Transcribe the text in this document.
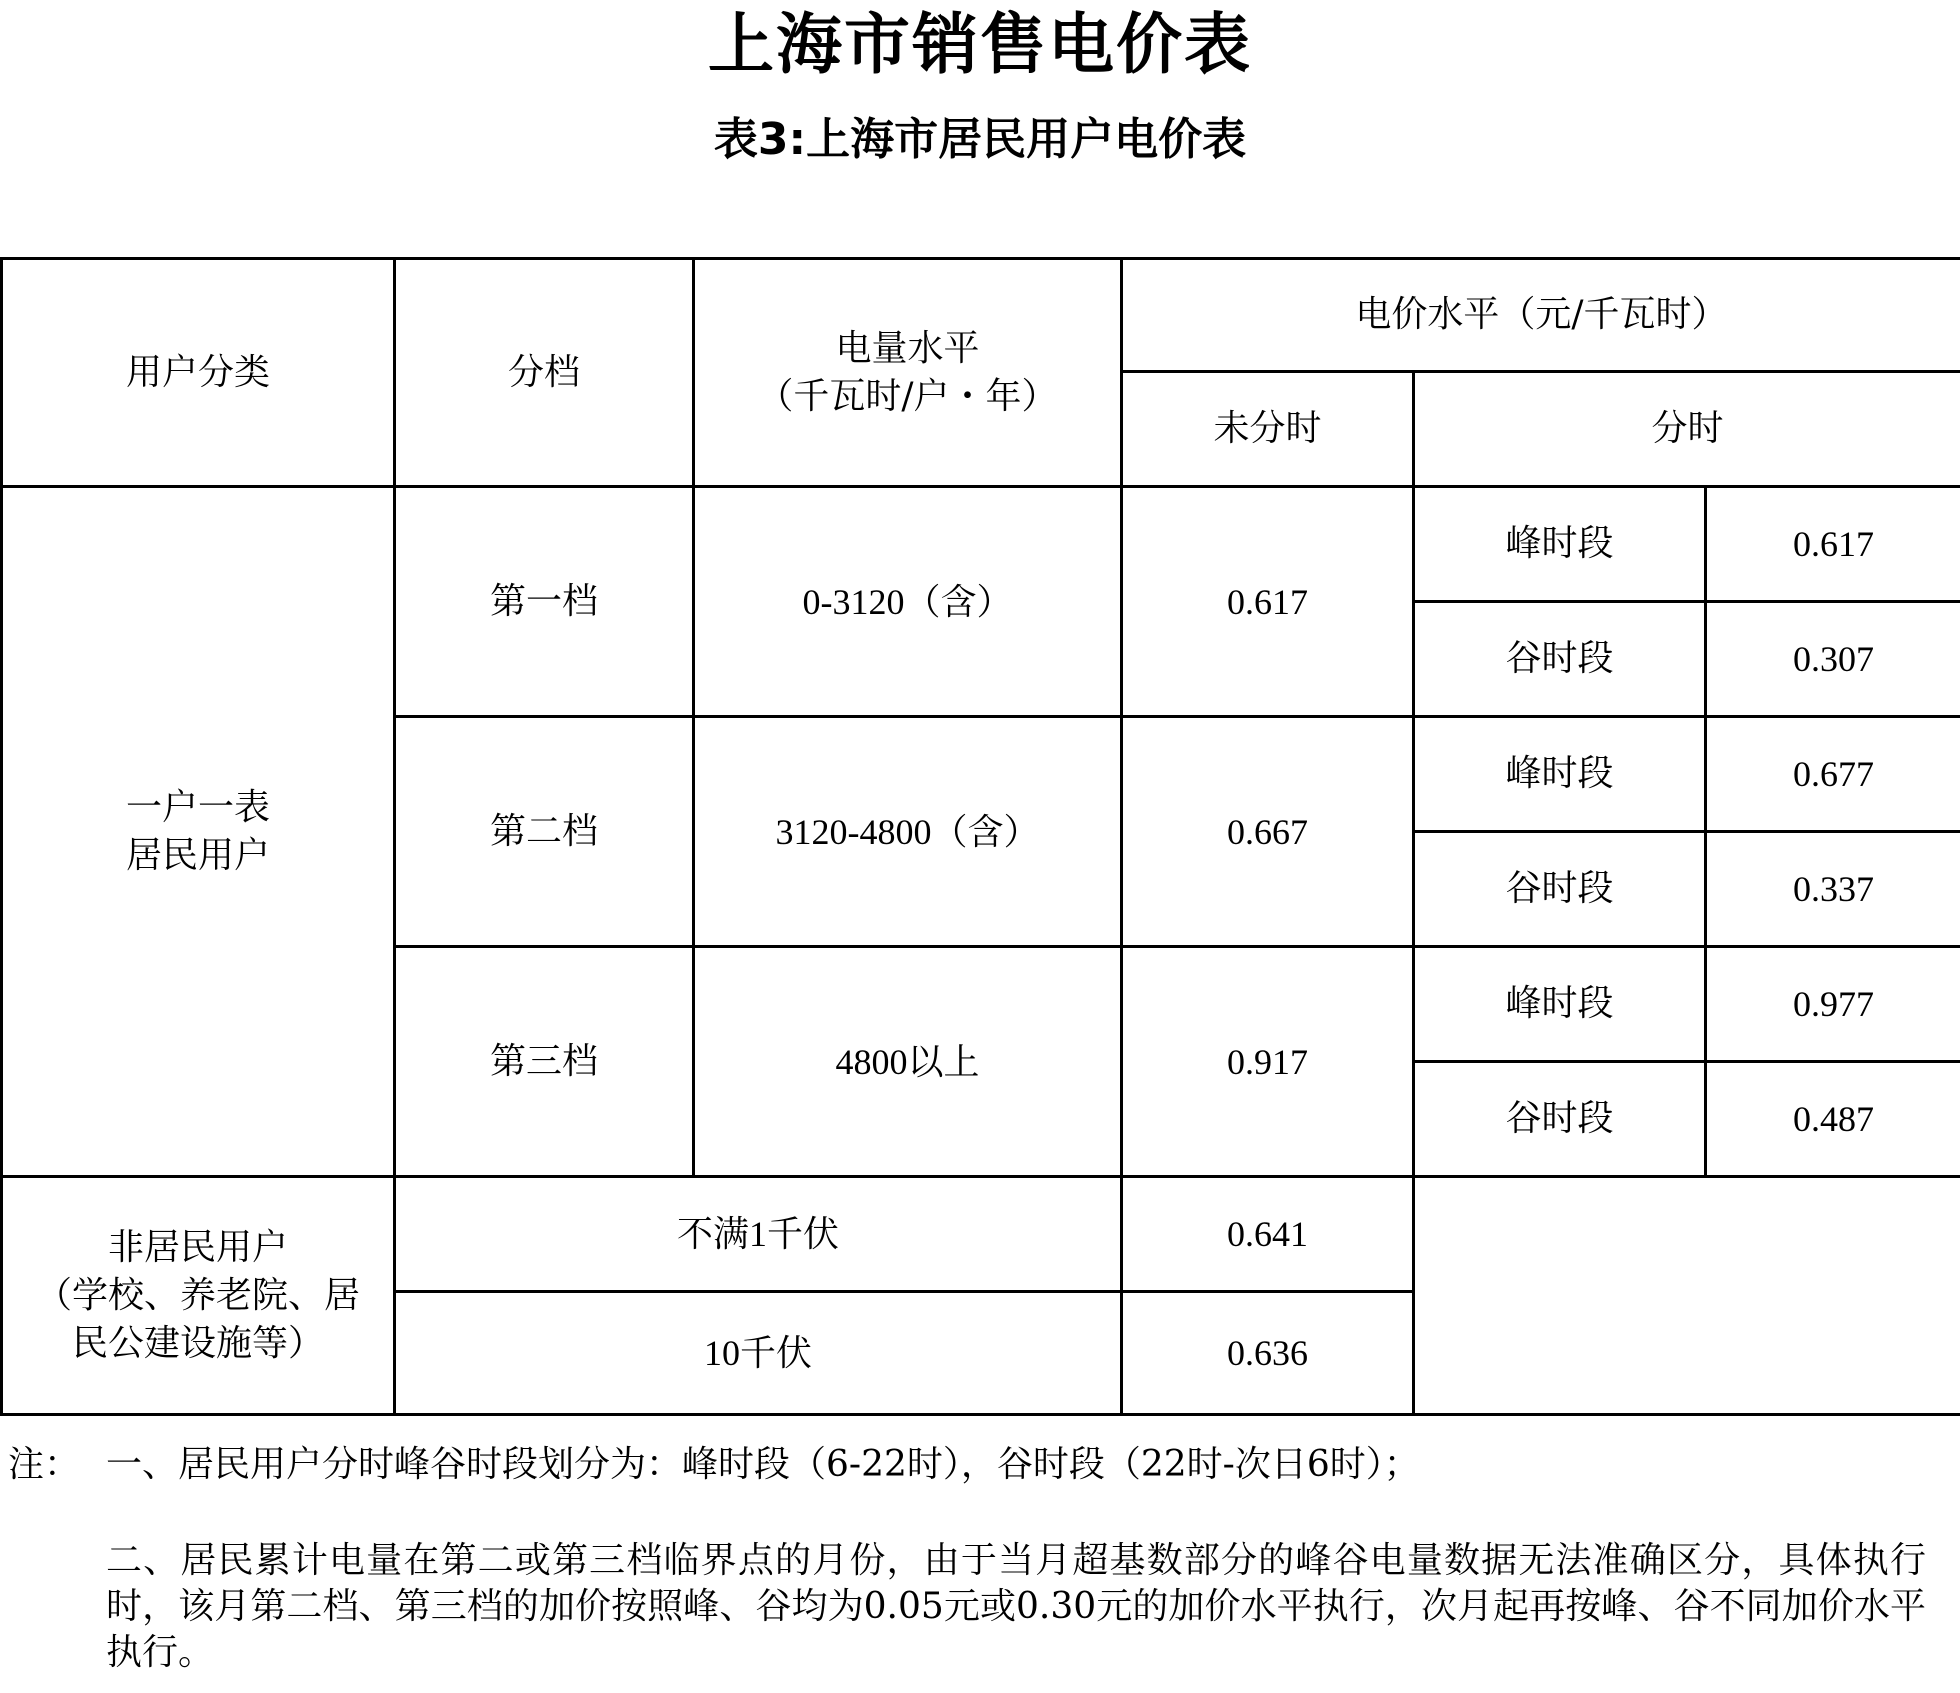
上海市销售电价表
表3:上海市居民用户电价表
用户分类	分档	电量水平
（千瓦时/户・年）	电价水平（元/千瓦时）		
			未分时	分时	

一户一表
居民用户	第一档	0-3120（含）	0.617	峰时段	0.617
				谷时段	0.307
	第二档	3120-4800（含）	0.667	峰时段	0.677
				谷时段	0.337
	第三档	4800以上	0.917	峰时段	0.977
				谷时段	0.487

非居民用户
（学校、养老院、居
民公建设施等）	不满1千伏		0.641		
	10千伏		0.636		
注： 一、居民用户分时峰谷时段划分为：峰时段（6-22时），谷时段（22时-次日6时）；
二、居民累计电量在第二或第三档临界点的月份，由于当月超基数部分的峰谷电量数据无法准确区分，具体执行时，该月第二档、第三档的加价按照峰、谷均为0.05元或0.30元的加价水平执行，次月起再按峰、谷不同加价水平执行。
